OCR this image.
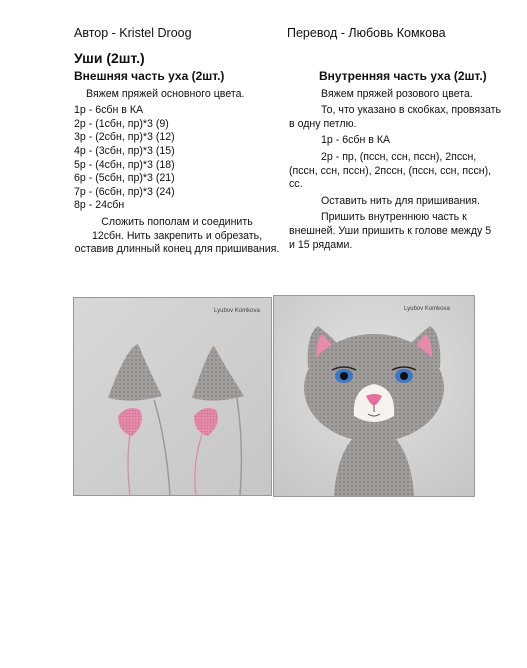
Автор - Kristel Droog	Перевод - Любовь Комкова
Уши (2шт.)
Внешняя часть уха (2шт.)

Вяжем пряжей основного цвета.

1р - 6сбн в КА

2р - (1сбн, пр)*3 (9)

3р - (2сбн, пр)*3 (12)

4р - (3сбн, пр)*3 (15)

5р - (4сбн, пр)*3 (18)

6р - (5сбн, пр)*3 (21)

7р - (6сбн, пр)*3 (24)

8р - 24сбн

Сложить пополам и соединить

12сбн. Нить закрепить и обрезать,

оставив длинный конец для пришивания.

Внутренняя часть уха (2шт.)

Вяжем пряжей розового цвета.

То, что указано в скобках, провязать

в одну петлю.

1р - 6сбн в КА

2р - пр, (пссн, ссн, пссн), 2пссн,

(пссн, ссн, пссн), 2пссн, (пссн, ссн, пссн),

сс.

Оставить нить для пришивания.

Пришить внутреннюю часть к

внешней. Уши пришить к голове между 5

и 15 рядами.

Lyubov Komkova	Lyubov Komkova
